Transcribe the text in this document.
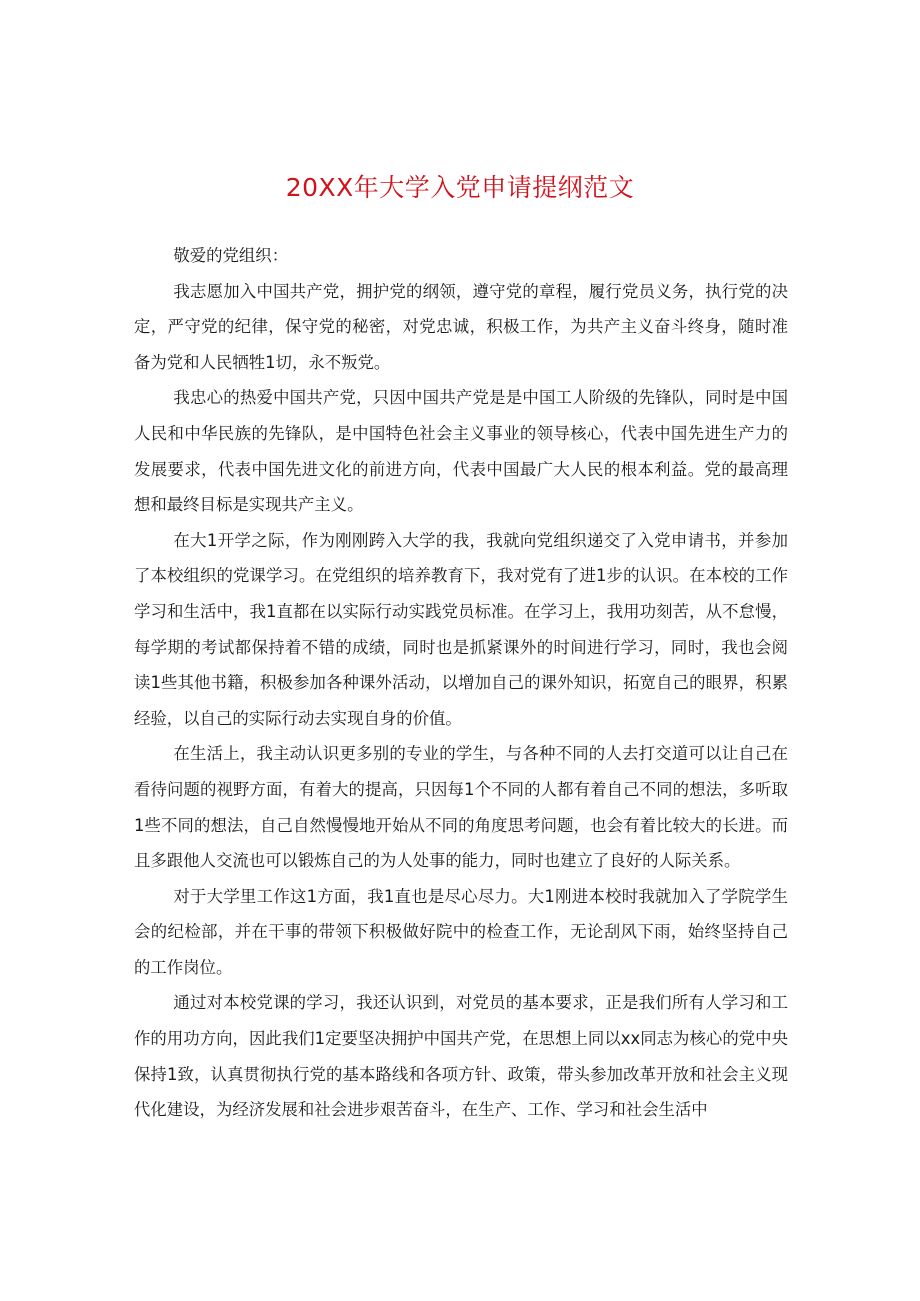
20XX年大学入党申请提纲范文

敬爱的党组织：

我志愿加入中国共产党，拥护党的纲领，遵守党的章程，履行党员义务，执行党的决定，严守党的纪律，保守党的秘密，对党忠诚，积极工作，为共产主义奋斗终身，随时准备为党和人民牺牲1切，永不叛党。

我忠心的热爱中国共产党，只因中国共产党是是中国工人阶级的先锋队，同时是中国人民和中华民族的先锋队，是中国特色社会主义事业的领导核心，代表中国先进生产力的发展要求，代表中国先进文化的前进方向，代表中国最广大人民的根本利益。党的最高理想和最终目标是实现共产主义。

在大1开学之际，作为刚刚跨入大学的我，我就向党组织递交了入党申请书，并参加了本校组织的党课学习。在党组织的培养教育下，我对党有了进1步的认识。在本校的工作学习和生活中，我1直都在以实际行动实践党员标准。在学习上，我用功刻苦，从不怠慢，每学期的考试都保持着不错的成绩，同时也是抓紧课外的时间进行学习，同时，我也会阅读1些其他书籍，积极参加各种课外活动，以增加自己的课外知识，拓宽自己的眼界，积累经验，以自己的实际行动去实现自身的价值。

在生活上，我主动认识更多别的专业的学生，与各种不同的人去打交道可以让自己在看待问题的视野方面，有着大的提高，只因每1个不同的人都有着自己不同的想法，多听取1些不同的想法，自己自然慢慢地开始从不同的角度思考问题，也会有着比较大的长进。而且多跟他人交流也可以锻炼自己的为人处事的能力，同时也建立了良好的人际关系。

对于大学里工作这1方面，我1直也是尽心尽力。大1刚进本校时我就加入了学院学生会的纪检部，并在干事的带领下积极做好院中的检查工作，无论刮风下雨，始终坚持自己的工作岗位。

通过对本校党课的学习，我还认识到，对党员的基本要求，正是我们所有人学习和工作的用功方向，因此我们1定要坚决拥护中国共产党，在思想上同以xx同志为核心的党中央保持1致，认真贯彻执行党的基本路线和各项方针、政策，带头参加改革开放和社会主义现代化建设，为经济发展和社会进步艰苦奋斗，在生产、工作、学习和社会生活中
